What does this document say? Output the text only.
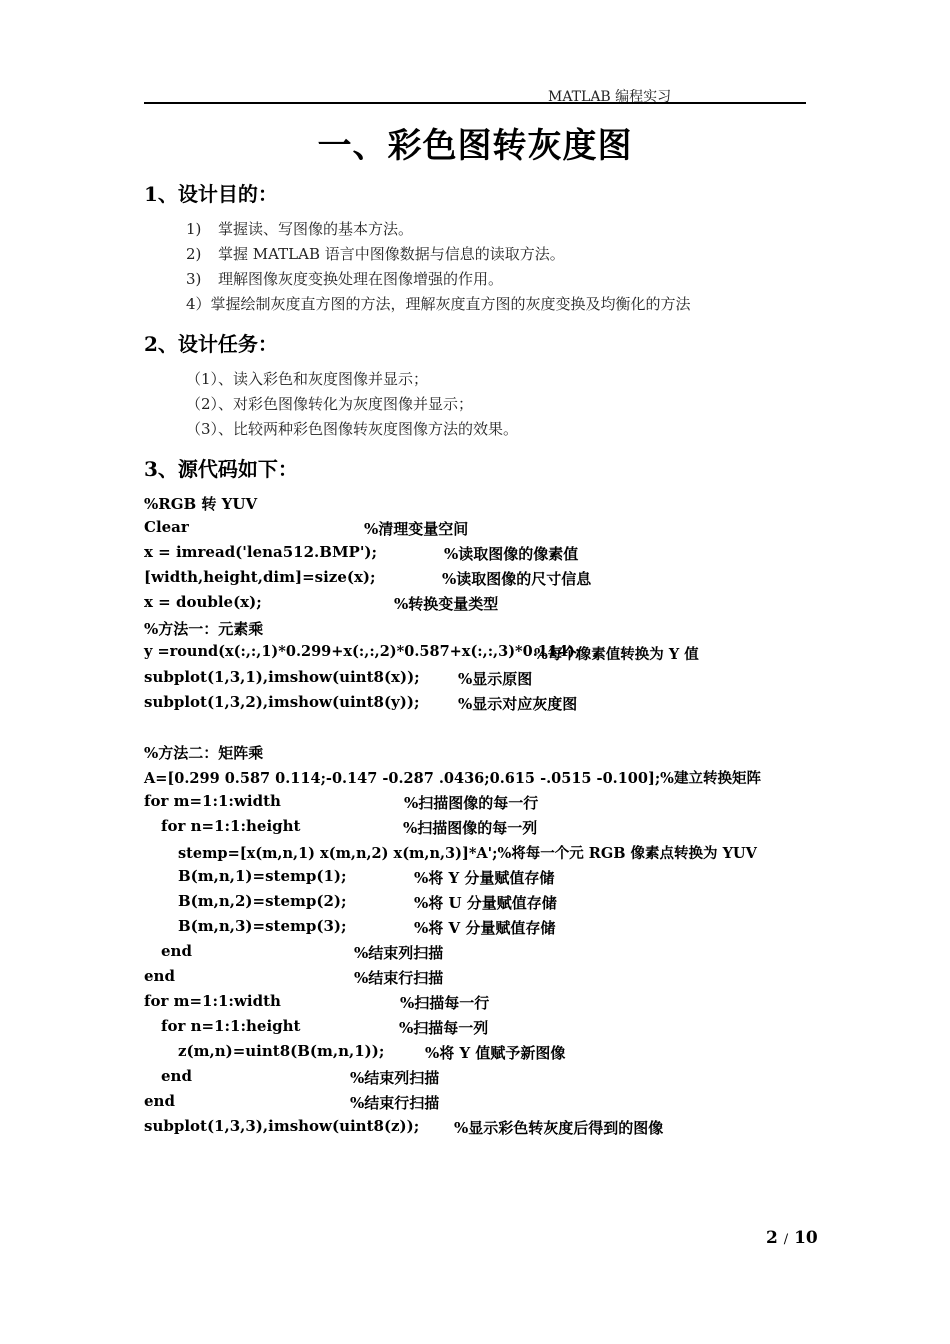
MATLAB 编程实习
一、彩色图转灰度图
1、设计目的：
1) 掌握读、写图像的基本方法。
2) 掌握 MATLAB 语言中图像数据与信息的读取方法。
3) 理解图像灰度变换处理在图像增强的作用。
4）掌握绘制灰度直方图的方法，理解灰度直方图的灰度变换及均衡化的方法
2、设计任务：
（1）、读入彩色和灰度图像并显示；
（2）、对彩色图像转化为灰度图像并显示；
（3）、比较两种彩色图像转灰度图像方法的效果。
3、源代码如下：
%RGB 转 YUV
Clear	%清理变量空间
x = imread('lena512.BMP');	%读取图像的像素值
[width,height,dim]=size(x);	%读取图像的尺寸信息
x = double(x);	%转换变量类型
%方法一：元素乘
y =round(x(:,:,1)*0.299+x(:,:,2)*0.587+x(:,:,3)*0.114);
%每个像素值转换为 Y 值
subplot(1,3,1),imshow(uint8(x));	%显示原图
subplot(1,3,2),imshow(uint8(y));	%显示对应灰度图
%方法二：矩阵乘
A=[0.299 0.587 0.114;-0.147 -0.287 .0436;0.615 -.0515 -0.100];%建立转换矩阵
for m=1:1:width	%扫描图像的每一行
for n=1:1:height	%扫描图像的每一列
stemp=[x(m,n,1) x(m,n,2) x(m,n,3)]*A';%将每一个元 RGB 像素点转换为 YUV
B(m,n,1)=stemp(1);	%将 Y 分量赋值存储
B(m,n,2)=stemp(2);	%将 U 分量赋值存储
B(m,n,3)=stemp(3);	%将 V 分量赋值存储
end	%结束列扫描
end	%结束行扫描
for m=1:1:width	%扫描每一行
for n=1:1:height	%扫描每一列
z(m,n)=uint8(B(m,n,1));	%将 Y 值赋予新图像
end	%结束列扫描
end	%结束行扫描
subplot(1,3,3),imshow(uint8(z)); %显示彩色转灰度后得到的图像
2 / 10
